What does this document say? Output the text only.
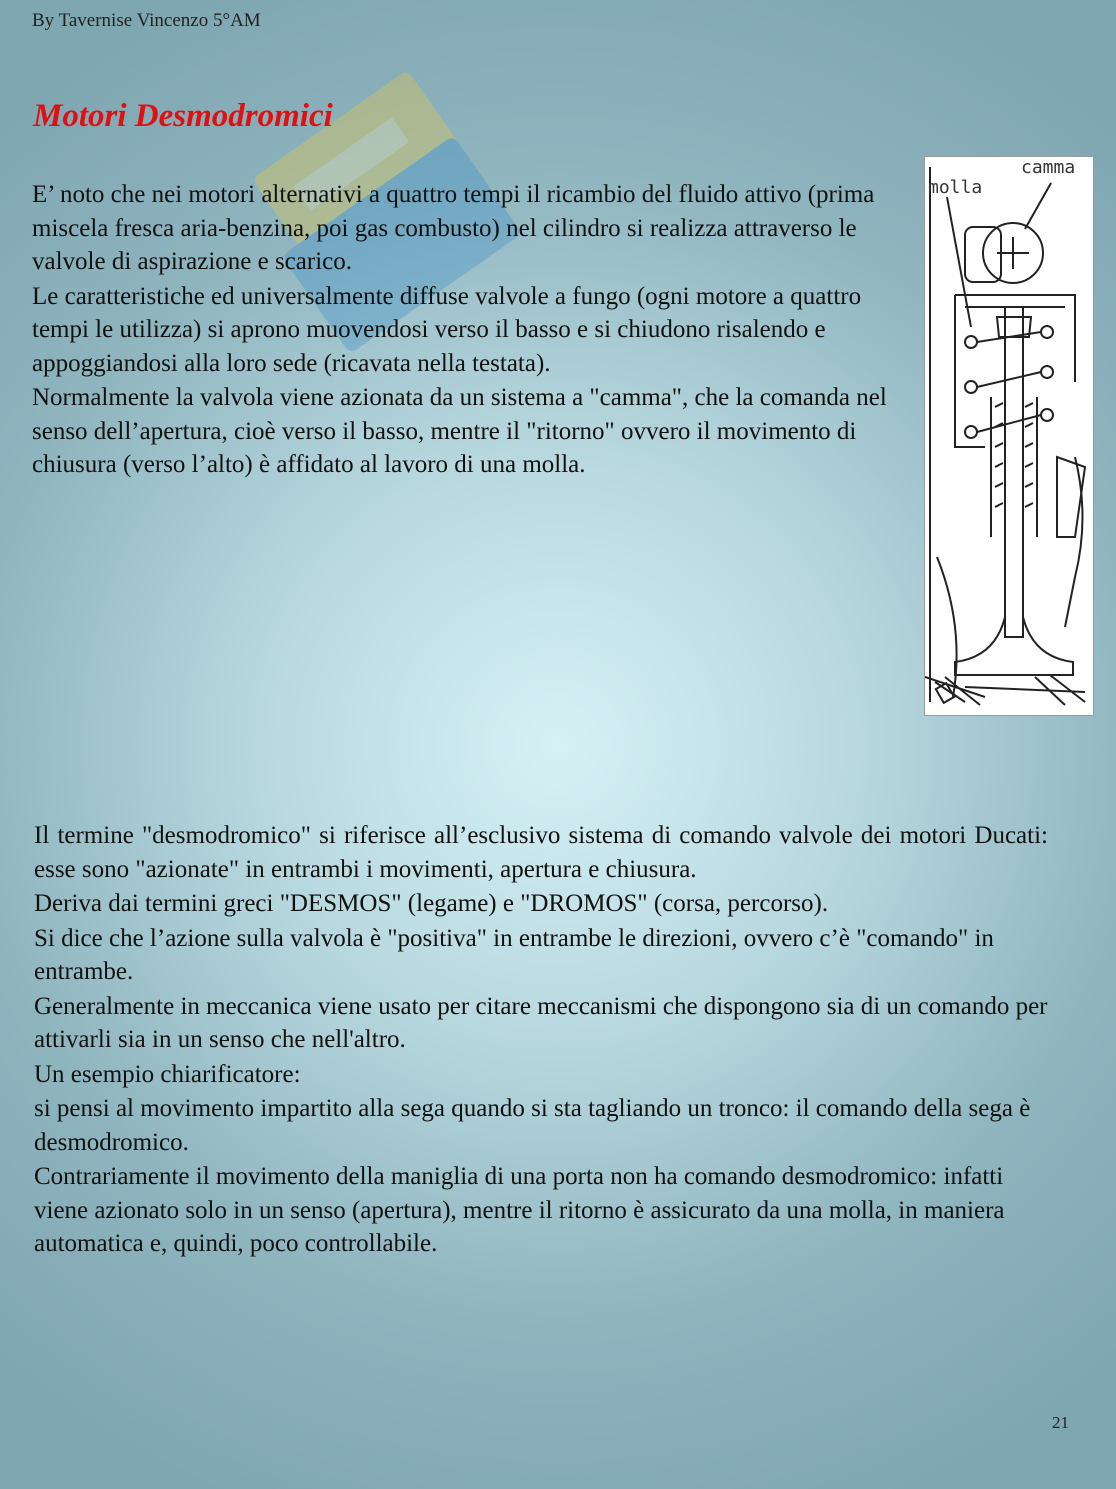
By Tavernise Vincenzo 5°AM
Motori Desmodromici

E’ noto che nei motori alternativi a quattro tempi il ricambio del fluido attivo (prima miscela fresca aria-benzina, poi gas combusto) nel cilindro si realizza attraverso le valvole di aspirazione e scarico.

Le caratteristiche ed universalmente diffuse valvole a fungo (ogni motore a quattro tempi le utilizza) si aprono muovendosi verso il basso e si chiudono risalendo e appoggiandosi alla loro sede (ricavata nella testata).

Normalmente la valvola viene azionata da un sistema a "camma", che la comanda nel senso dell’apertura, cioè verso il basso, mentre il "ritorno" ovvero il movimento di chiusura (verso l’alto) è affidato al lavoro di una molla.

camma
molla

Il termine "desmodromico" si riferisce all’esclusivo sistema di comando valvole dei motori Ducati: esse sono "azionate" in entrambi i movimenti, apertura e chiusura.

Deriva dai termini greci "DESMOS" (legame) e "DROMOS" (corsa, percorso).

Si dice che l’azione sulla valvola è "positiva" in entrambe le direzioni, ovvero c’è "comando" in entrambe.

Generalmente in meccanica viene usato per citare meccanismi che dispongono sia di un comando per attivarli sia in un senso che nell'altro.

Un esempio chiarificatore:

si pensi al movimento impartito alla sega quando si sta tagliando un tronco: il comando della sega è desmodromico.

Contrariamente il movimento della maniglia di una porta non ha comando desmodromico: infatti viene azionato solo in un senso (apertura), mentre il ritorno è assicurato da una molla, in maniera automatica e, quindi, poco controllabile.

21
